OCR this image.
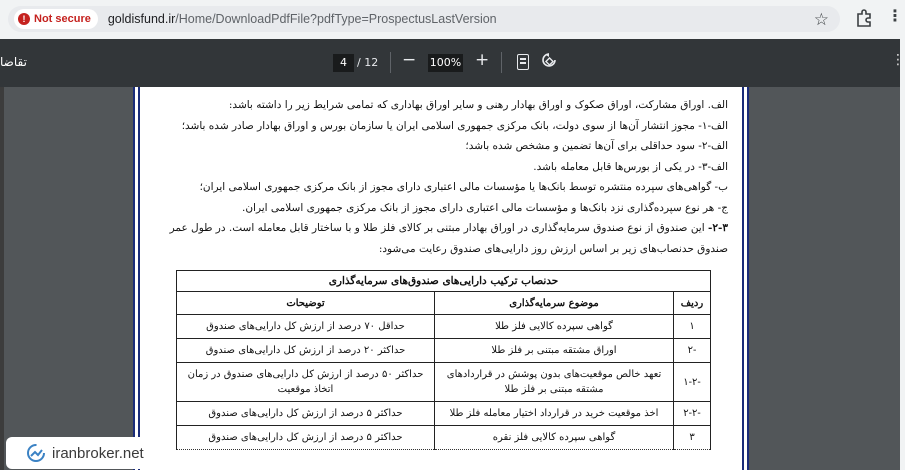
! Not secure goldisfund.ir/Home/DownloadPdfFile?pdfType=ProspectusLastVersion	☆	⋮
تقاضا	4 / 12 − 100% +	⋮

الف. اوراق مشارکت، اوراق صکوک و اوراق بهادار رهنی و سایر اوراق بهاداری که تمامی شرایط زیر را داشته باشد:

الف-۱- مجوز انتشار آن‌ها از سوی دولت، بانک مرکزی جمهوری اسلامی ایران یا سازمان بورس و اوراق بهادار صادر شده باشد؛

الف-۲- سود حداقلی برای آن‌ها تضمین و مشخص شده باشد؛

الف-۳- در یکی از بورس‌ها قابل معامله باشد.

ب- گواهی‌های سپرده منتشره توسط بانک‌ها یا مؤسسات مالی اعتباری دارای مجوز از بانک مرکزی جمهوری اسلامی ایران؛

ج- هر نوع سپرده‌گذاری نزد بانک‌ها و مؤسسات مالی اعتباری دارای مجوز از بانک مرکزی جمهوری اسلامی ایران.

۲-۳- این صندوق از نوع صندوق سرمایه‌گذاری در اوراق بهادار مبتنی بر کالای فلز طلا و با ساختار قابل معامله است. در طول عمر

صندوق حدنصاب‌های زیر بر اساس ارزش روز دارایی‌های صندوق رعایت می‌شود:

حدنصاب ترکیب دارایی‌های صندوق‌های سرمایه‌گذاری		
ردیف	موضوع سرمایه‌گذاری	توضیحات
۱	گواهی سپرده کالایی فلز طلا	حداقل ۷۰ درصد از ارزش کل دارایی‌های صندوق
-۲	اوراق مشتقه مبتنی بر فلز طلا	حداکثر ۲۰ درصد از ارزش کل دارایی‌های صندوق
-۱-۲	تعهد خالص موقعیت‌های بدون پوشش در قراردادهای مشتقه مبتنی بر فلز طلا	حداکثر ۵۰ درصد از ارزش کل دارایی‌های صندوق در زمان اتخاذ موقعیت
-۲-۲	اخذ موقعیت خرید در قرارداد اختیار معامله فلز طلا	حداکثر ۵ درصد از ارزش کل دارایی‌های صندوق
۳	گواهی سپرده کالایی فلز نقره	حداکثر ۵ درصد از ارزش کل دارایی‌های صندوق
iranbroker.net
